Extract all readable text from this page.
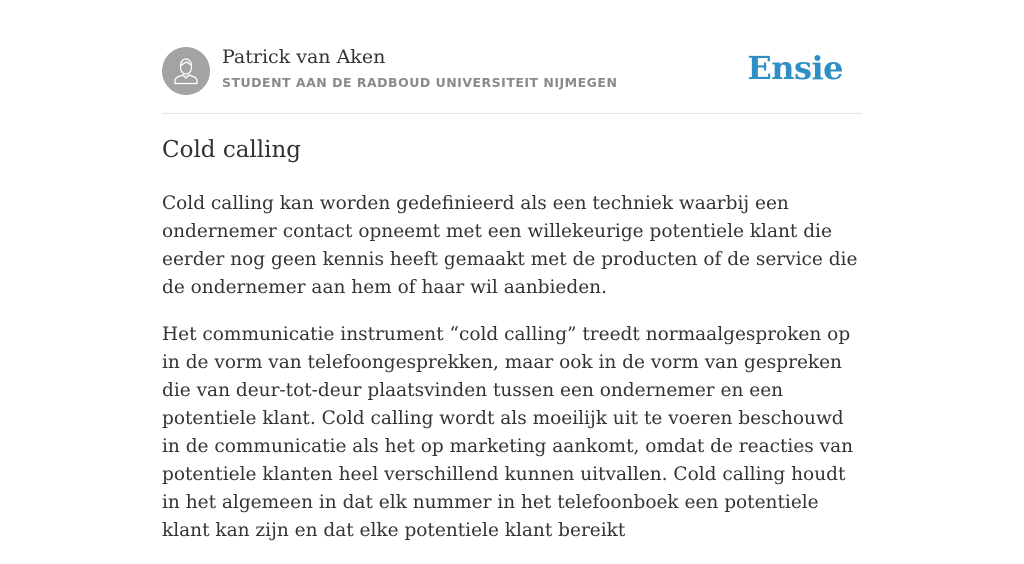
Patrick van Aken
STUDENT AAN DE RADBOUD UNIVERSITEIT NIJMEGEN	Ensie
Cold calling

Cold calling kan worden gedefinieerd als een techniek waarbij een ondernemer contact opneemt met een willekeurige potentiele klant die eerder nog geen kennis heeft gemaakt met de producten of de service die de ondernemer aan hem of haar wil aanbieden.

Het communicatie instrument “cold calling” treedt normaalgesproken op in de vorm van telefoongesprekken, maar ook in de vorm van gespreken die van deur-tot-deur plaatsvinden tussen een ondernemer en een potentiele klant. Cold calling wordt als moeilijk uit te voeren beschouwd in de communicatie als het op marketing aankomt, omdat de reacties van potentiele klanten heel verschillend kunnen uitvallen. Cold calling houdt in het algemeen in dat elk nummer in het telefoonboek een potentiele klant kan zijn en dat elke potentiele klant bereikt
